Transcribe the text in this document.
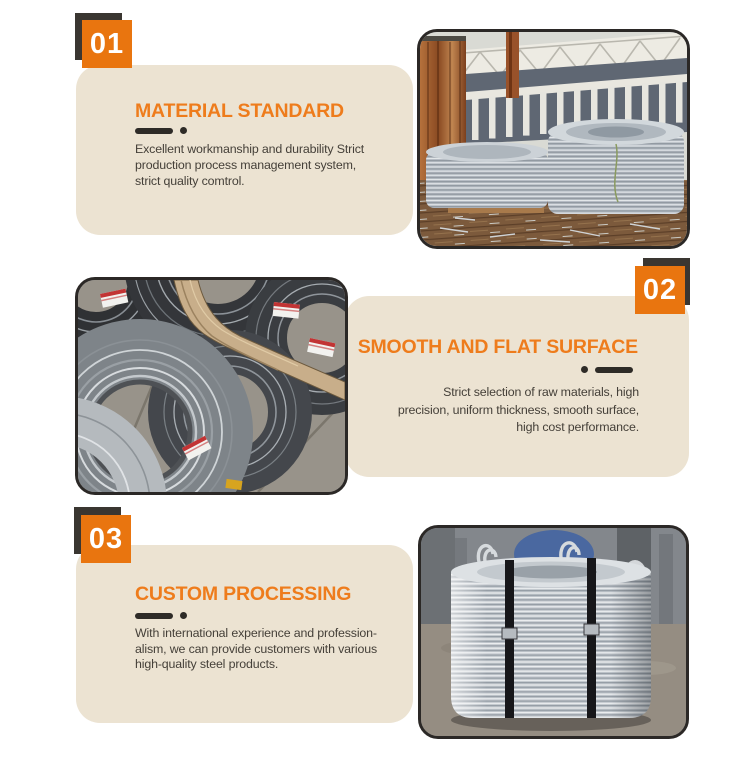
01
MATERIAL STANDARD
Excellent workmanship and durability Strict
production process management system,
strict quality comtrol.
02
SMOOTH AND FLAT SURFACE
Strict selection of raw materials, high
precision, uniform thickness, smooth surface,
high cost performance.
03
CUSTOM PROCESSING
With international experience and profession-
alism, we can provide customers with various
high-quality steel products.
